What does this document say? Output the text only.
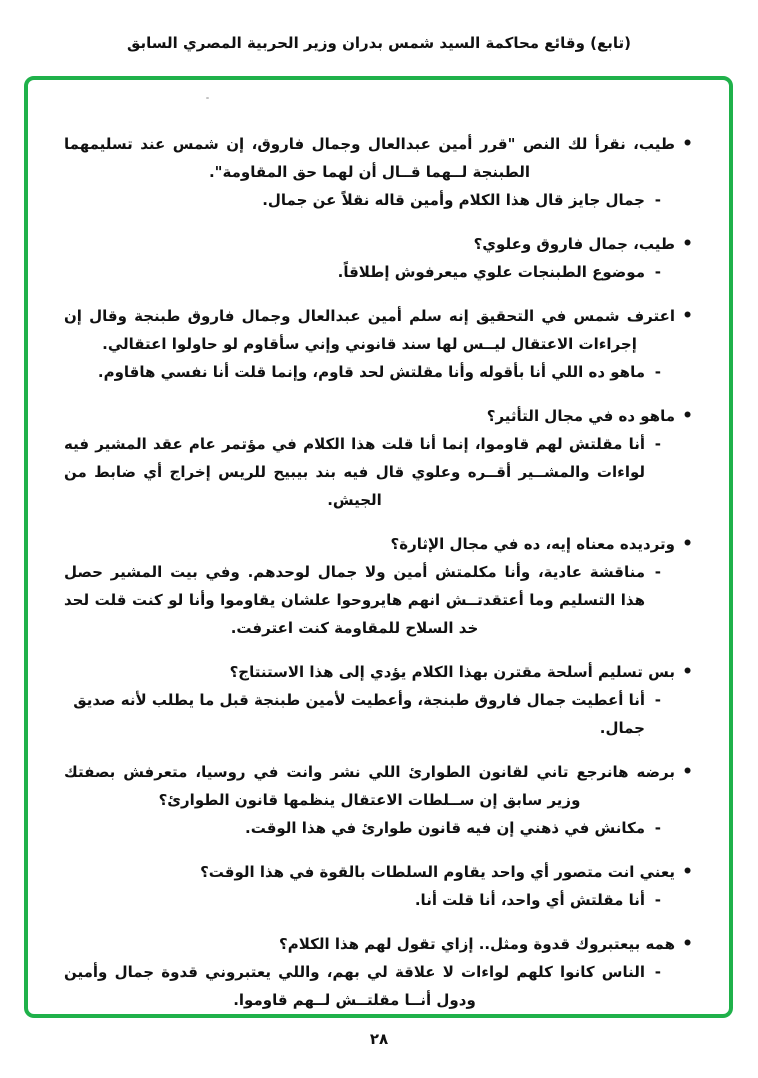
(تابع) وقائع محاكمة السيد شمس بدران وزير الحربية المصري السابق
•

طيب، نقرأ لك النص "قرر أمين عبدالعال وجمال فاروق، إن شمس عند تسليمهما الطبنجة لــهما قــال أن لهما حق المقاومة".

-

جمال جايز قال هذا الكلام وأمين قاله نقلاً عن جمال.

•

طيب، جمال فاروق وعلوي؟

-

موضوع الطبنجات علوي ميعرفوش إطلاقاً.

•

اعترف شمس في التحقيق إنه سلم أمين عبدالعال وجمال فاروق طبنجة وقال إن إجراءات الاعتقال ليــس لها سند قانوني وإني سأقاوم لو حاولوا اعتقالي.

-

ماهو ده اللي أنا بأقوله وأنا مقلتش لحد قاوم، وإنما قلت أنا نفسي هاقاوم.

•

ماهو ده في مجال التأثير؟

-

أنا مقلتش لهم قاوموا، إنما أنا قلت هذا الكلام في مؤتمر عام عقد المشير فيه لواءات والمشــير أقــره وعلوي قال فيه بند بيبيح للريس إخراج أي ضابط من الجيش.

•

وترديده معناه إيه، ده في مجال الإثارة؟

-

مناقشة عادية، وأنا مكلمتش أمين ولا جمال لوحدهم. وفي بيت المشير حصل هذا التسليم وما أعتقدتــش انهم هايروحوا علشان يقاوموا وأنا لو كنت قلت لحد خد السلاح للمقاومة كنت اعترفت.

•

بس تسليم أسلحة مقترن بهذا الكلام يؤدي إلى هذا الاستنتاج؟

-

أنا أعطيت جمال فاروق طبنجة، وأعطيت لأمين طبنجة قبل ما يطلب لأنه صديق جمال.

•

برضه هانرجع تاني لقانون الطوارئ اللي نشر وانت في روسيا، متعرفش بصفتك وزير سابق إن ســلطات الاعتقال ينظمها قانون الطوارئ؟

-

مكانش في ذهني إن فيه قانون طوارئ في هذا الوقت.

•

يعني انت متصور أي واحد يقاوم السلطات بالقوة في هذا الوقت؟

-

أنا مقلتش أي واحد، أنا قلت أنا.

•

همه بيعتبروك قدوة ومثل.. إزاي تقول لهم هذا الكلام؟

-

الناس كانوا كلهم لواءات لا علاقة لي بهم، واللي يعتبروني قدوة جمال وأمين ودول أنــا مقلتــش لــهم قاوموا.

٢٨
